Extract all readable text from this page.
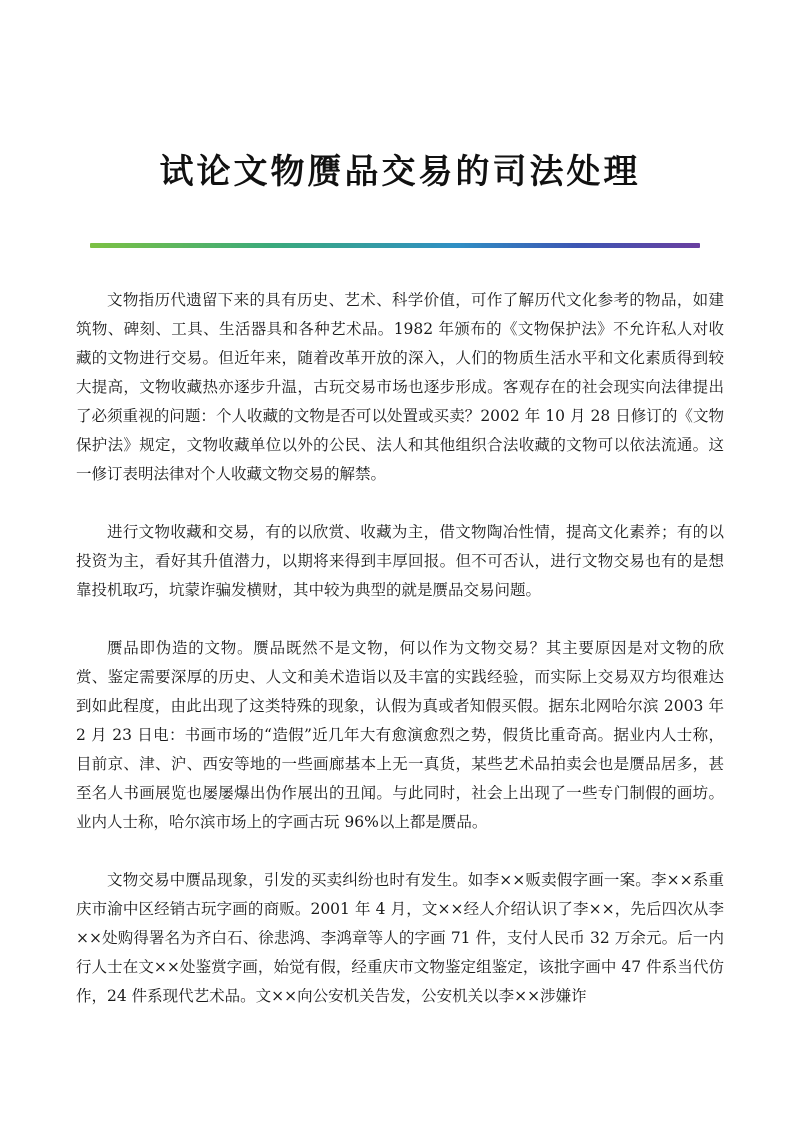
试论文物赝品交易的司法处理

文物指历代遗留下来的具有历史、艺术、科学价值，可作了解历代文化参考的物品，如建筑物、碑刻、工具、生活器具和各种艺术品。1982 年颁布的《文物保护法》不允许私人对收藏的文物进行交易。但近年来，随着改革开放的深入，人们的物质生活水平和文化素质得到较大提高，文物收藏热亦逐步升温，古玩交易市场也逐步形成。客观存在的社会现实向法律提出了必须重视的问题：个人收藏的文物是否可以处置或买卖？2002 年 10 月 28 日修订的《文物保护法》规定，文物收藏单位以外的公民、法人和其他组织合法收藏的文物可以依法流通。这一修订表明法律对个人收藏文物交易的解禁。

进行文物收藏和交易，有的以欣赏、收藏为主，借文物陶冶性情，提高文化素养；有的以投资为主，看好其升值潜力，以期将来得到丰厚回报。但不可否认，进行文物交易也有的是想靠投机取巧，坑蒙诈骗发横财，其中较为典型的就是赝品交易问题。

赝品即伪造的文物。赝品既然不是文物，何以作为文物交易？其主要原因是对文物的欣赏、鉴定需要深厚的历史、人文和美术造诣以及丰富的实践经验，而实际上交易双方均很难达到如此程度，由此出现了这类特殊的现象，认假为真或者知假买假。据东北网哈尔滨 2003 年 2 月 23 日电：书画市场的“造假”近几年大有愈演愈烈之势，假货比重奇高。据业内人士称，目前京、津、沪、西安等地的一些画廊基本上无一真货，某些艺术品拍卖会也是赝品居多，甚至名人书画展览也屡屡爆出伪作展出的丑闻。与此同时，社会上出现了一些专门制假的画坊。业内人士称，哈尔滨市场上的字画古玩 96%以上都是赝品。

文物交易中赝品现象，引发的买卖纠纷也时有发生。如李××贩卖假字画一案。李××系重庆市渝中区经销古玩字画的商贩。2001 年 4 月，文××经人介绍认识了李××，先后四次从李××处购得署名为齐白石、徐悲鸿、李鸿章等人的字画 71 件，支付人民币 32 万余元。后一内行人士在文××处鉴赏字画，始觉有假，经重庆市文物鉴定组鉴定，该批字画中 47 件系当代仿作，24 件系现代艺术品。文××向公安机关告发，公安机关以李××涉嫌诈
